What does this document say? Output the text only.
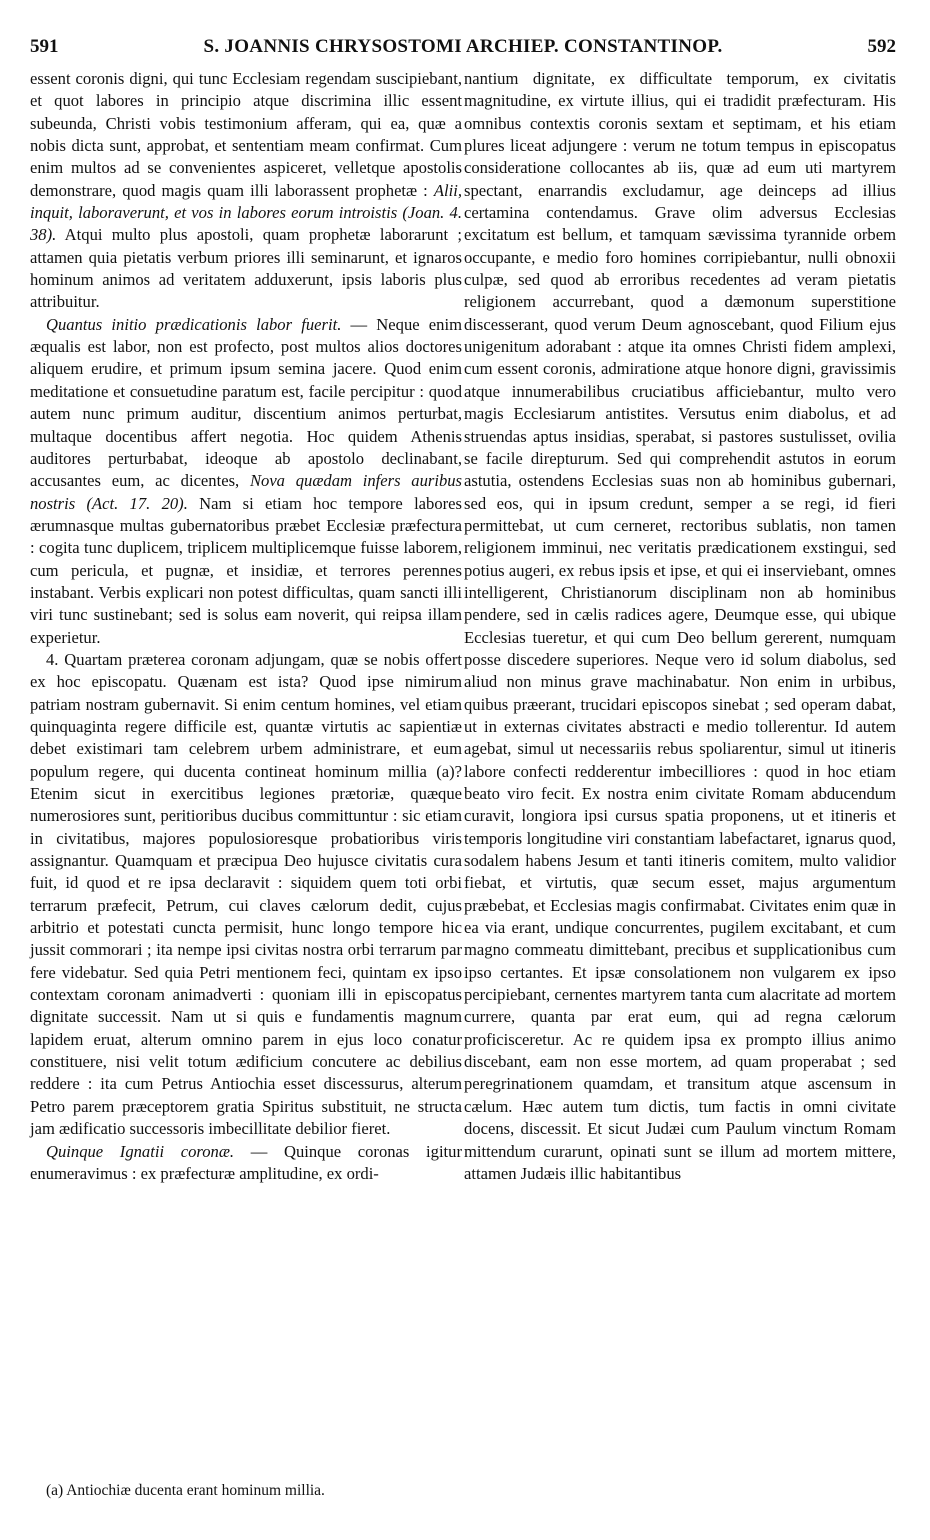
591	S. JOANNIS CHRYSOSTOMI ARCHIEP. CONSTANTINOP.	592

essent coronis digni, qui tunc Ecclesiam regendam suscipiebant, et quot labores in principio atque discrimina illic essent subeunda, Christi vobis testimonium afferam, qui ea, quæ a nobis dicta sunt, approbat, et sententiam meam confirmat. Cum enim multos ad se convenientes aspiceret, velletque apostolis demonstrare, quod magis quam illi laborassent prophetæ : Alii, inquit, laboraverunt, et vos in labores eorum introistis (Joan. 4. 38). Atqui multo plus apostoli, quam prophetæ laborarunt ; attamen quia pietatis verbum priores illi seminarunt, et ignaros hominum animos ad veritatem adduxerunt, ipsis laboris plus attribuitur.

Quantus initio prædicationis labor fuerit. — Neque enim æqualis est labor, non est profecto, post multos alios doctores aliquem erudire, et primum ipsum semina jacere. Quod enim meditatione et consuetudine paratum est, facile percipitur : quod autem nunc primum auditur, discentium animos perturbat, multaque docentibus affert negotia. Hoc quidem Athenis auditores perturbabat, ideoque ab apostolo declinabant, accusantes eum, ac dicentes, Nova quædam infers auribus nostris (Act. 17. 20). Nam si etiam hoc tempore labores ærumnasque multas gubernatoribus præbet Ecclesiæ præfectura : cogita tunc duplicem, triplicem multiplicemque fuisse laborem, cum pericula, et pugnæ, et insidiæ, et terrores perennes instabant. Verbis explicari non potest difficultas, quam sancti illi viri tunc sustinebant; sed is solus eam noverit, qui reipsa illam experietur.

4. Quartam præterea coronam adjungam, quæ se nobis offert ex hoc episcopatu. Quænam est ista? Quod ipse nimirum patriam nostram gubernavit. Si enim centum homines, vel etiam quinquaginta regere difficile est, quantæ virtutis ac sapientiæ debet existimari tam celebrem urbem administrare, et eum populum regere, qui ducenta contineat hominum millia (a)? Etenim sicut in exercitibus legiones prætoriæ, quæque numerosiores sunt, peritioribus ducibus committuntur : sic etiam in civitatibus, majores populosioresque probatioribus viris assignantur. Quamquam et præcipua Deo hujusce civitatis cura fuit, id quod et re ipsa declaravit : siquidem quem toti orbi terrarum præfecit, Petrum, cui claves cælorum dedit, cujus arbitrio et potestati cuncta permisit, hunc longo tempore hic jussit commorari ; ita nempe ipsi civitas nostra orbi terrarum par fere videbatur. Sed quia Petri mentionem feci, quintam ex ipso contextam coronam animadverti : quoniam illi in episcopatus dignitate successit. Nam ut si quis e fundamentis magnum lapidem eruat, alterum omnino parem in ejus loco conatur constituere, nisi velit totum ædificium concutere ac debilius reddere : ita cum Petrus Antiochia esset discessurus, alterum Petro parem præceptorem gratia Spiritus substituit, ne structa jam ædificatio successoris imbecillitate debilior fieret.

Quinque Ignatii coronæ. — Quinque coronas igitur enumeravimus : ex præfecturæ amplitudine, ex ordi-

(a) Antiochiæ ducenta erant hominum millia.

nantium dignitate, ex difficultate temporum, ex civitatis magnitudine, ex virtute illius, qui ei tradidit præfecturam. His omnibus contextis coronis sextam et septimam, et his etiam plures liceat adjungere : verum ne totum tempus in episcopatus consideratione collocantes ab iis, quæ ad eum uti martyrem spectant, enarrandis excludamur, age deinceps ad illius certamina contendamus. Grave olim adversus Ecclesias excitatum est bellum, et tamquam sævissima tyrannide orbem occupante, e medio foro homines corripiebantur, nulli obnoxii culpæ, sed quod ab erroribus recedentes ad veram pietatis religionem accurrebant, quod a dæmonum superstitione discesserant, quod verum Deum agnoscebant, quod Filium ejus unigenitum adorabant : atque ita omnes Christi fidem amplexi, cum essent coronis, admiratione atque honore digni, gravissimis atque innumerabilibus cruciatibus afficiebantur, multo vero magis Ecclesiarum antistites. Versutus enim diabolus, et ad struendas aptus insidias, sperabat, si pastores sustulisset, ovilia se facile direpturum. Sed qui comprehendit astutos in eorum astutia, ostendens Ecclesias suas non ab hominibus gubernari, sed eos, qui in ipsum credunt, semper a se regi, id fieri permittebat, ut cum cerneret, rectoribus sublatis, non tamen religionem imminui, nec veritatis prædicationem exstingui, sed potius augeri, ex rebus ipsis et ipse, et qui ei inserviebant, omnes intelligerent, Christianorum disciplinam non ab hominibus pendere, sed in cælis radices agere, Deumque esse, qui ubique Ecclesias tueretur, et qui cum Deo bellum gererent, numquam posse discedere superiores. Neque vero id solum diabolus, sed aliud non minus grave machinabatur. Non enim in urbibus, quibus præerant, trucidari episcopos sinebat ; sed operam dabat, ut in externas civitates abstracti e medio tollerentur. Id autem agebat, simul ut necessariis rebus spoliarentur, simul ut itineris labore confecti redderentur imbecilliores : quod in hoc etiam beato viro fecit. Ex nostra enim civitate Romam abducendum curavit, longiora ipsi cursus spatia proponens, ut et itineris et temporis longitudine viri constantiam labefactaret, ignarus quod, sodalem habens Jesum et tanti itineris comitem, multo validior fiebat, et virtutis, quæ secum esset, majus argumentum præbebat, et Ecclesias magis confirmabat. Civitates enim quæ in ea via erant, undique concurrentes, pugilem excitabant, et cum magno commeatu dimittebant, precibus et supplicationibus cum ipso certantes. Et ipsæ consolationem non vulgarem ex ipso percipiebant, cernentes martyrem tanta cum alacritate ad mortem currere, quanta par erat eum, qui ad regna cælorum proficisceretur. Ac re quidem ipsa ex prompto illius animo discebant, eam non esse mortem, ad quam properabat ; sed peregrinationem quamdam, et transitum atque ascensum in cælum. Hæc autem tum dictis, tum factis in omni civitate docens, discessit. Et sicut Judæi cum Paulum vinctum Romam mittendum curarunt, opinati sunt se illum ad mortem mittere, attamen Judæis illic habitantibus
